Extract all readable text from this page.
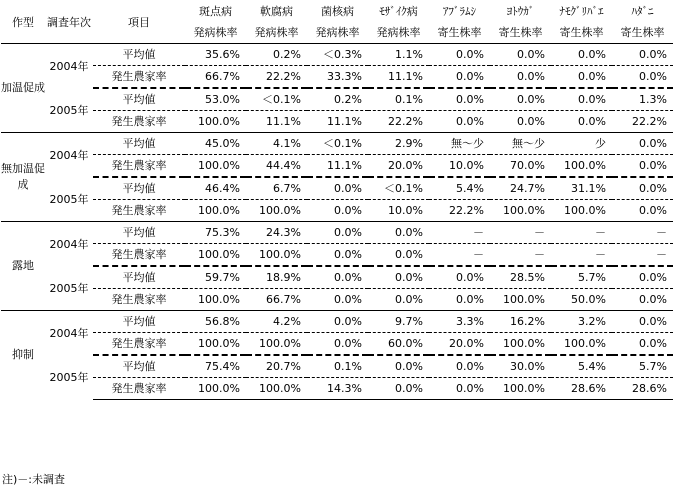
作型	調査年次	項目	斑点病	軟腐病	菌核病	ﾓｻﾞｲｸ病	ｱﾌﾞﾗﾑｼ	ﾖﾄｳｶﾞ	ﾅﾓｸﾞﾘﾊﾞｴ	ﾊﾀﾞﾆ
			発病株率	発病株率	発病株率	発病株率	寄生株率	寄生株率	寄生株率	寄生株率
加温促成	2004年	平均値	35.6%	0.2%	＜0.3%	1.1%	0.0%	0.0%	0.0%	0.0%
		発生農家率	66.7%	22.2%	33.3%	11.1%	0.0%	0.0%	0.0%	0.0%
	2005年	平均値	53.0%	＜0.1%	0.2%	0.1%	0.0%	0.0%	0.0%	1.3%
		発生農家率	100.0%	11.1%	11.1%	22.2%	0.0%	0.0%	0.0%	22.2%
無加温促成	2004年	平均値	45.0%	4.1%	＜0.1%	2.9%	無～少	無～少	少	0.0%
		発生農家率	100.0%	44.4%	11.1%	20.0%	10.0%	70.0%	100.0%	0.0%
	2005年	平均値	46.4%	6.7%	0.0%	＜0.1%	5.4%	24.7%	31.1%	0.0%
		発生農家率	100.0%	100.0%	0.0%	10.0%	22.2%	100.0%	100.0%	0.0%
露地	2004年	平均値	75.3%	24.3%	0.0%	0.0%	－	－	－	－
		発生農家率	100.0%	100.0%	0.0%	0.0%	－	－	－	－
	2005年	平均値	59.7%	18.9%	0.0%	0.0%	0.0%	28.5%	5.7%	0.0%
		発生農家率	100.0%	66.7%	0.0%	0.0%	0.0%	100.0%	50.0%	0.0%
抑制	2004年	平均値	56.8%	4.2%	0.0%	9.7%	3.3%	16.2%	3.2%	0.0%
		発生農家率	100.0%	100.0%	0.0%	60.0%	20.0%	100.0%	100.0%	0.0%
	2005年	平均値	75.4%	20.7%	0.1%	0.0%	0.0%	30.0%	5.4%	5.7%
		発生農家率	100.0%	100.0%	14.3%	0.0%	0.0%	100.0%	28.6%	28.6%
注)－:未調査
